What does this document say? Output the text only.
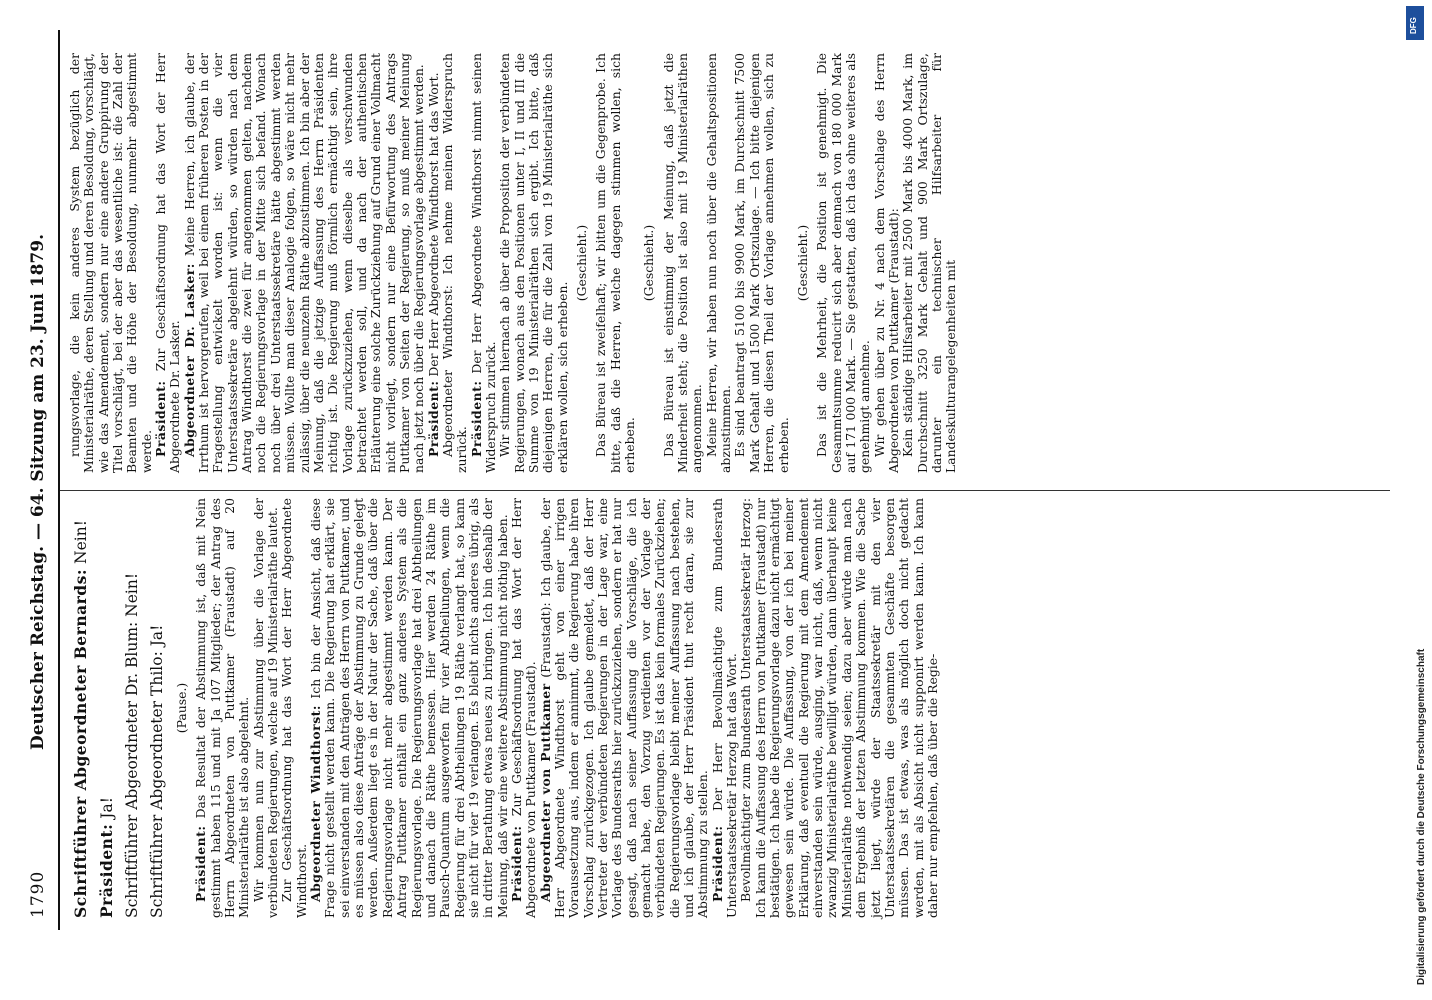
1790
Deutscher Reichstag. — 64. Sitzung am 23. Juni 1879. Schriftführer Abgeordneter Bernards: Nein!

Präsident: Ja! Schriftführer Abgeordneter Dr. Blum: Nein! Schriftführer Abgeordneter Thilo: Ja! (Pause.)

Präsident: Das Resultat der Abstimmung ist, daß mit Nein gestimmt haben 115 und mit Ja 107 Mitglieder; der Antrag des Herrn Abgeordneten von Puttkamer (Fraustadt) auf 20 Ministerialräthe ist also abgelehnt. Wir kommen nun zur Abstimmung über die Vorlage der verbündeten Regierungen, welche auf 19 Ministerialräthe lautet. Zur Geschäftsordnung hat das Wort der Herr Abgeordnete Windthorst. Abgeordneter Windthorst: Ich bin der Ansicht, daß diese Frage nicht gestellt werden kann. Die Regierung hat erklärt, sie sei einverstanden mit den Anträgen des Herrn von Puttkamer, und es müssen also diese Anträge der Abstimmung zu Grunde gelegt werden. Außerdem liegt es in der Natur der Sache, daß über die Regierungsvorlage nicht mehr abgestimmt werden kann. Der Antrag Puttkamer enthält ein ganz anderes System als die Regierungsvorlage. Die Regierungsvorlage hat drei Abtheilungen und danach die Räthe bemessen. Hier werden 24 Räthe im Pausch-Quantum ausgeworfen für vier Abtheilungen, wenn die Regierung für drei Abtheilungen 19 Räthe verlangt hat, so kann sie nicht für vier 19 verlangen. Es bleibt nichts anderes übrig, als in dritter Berathung etwas neues zu bringen. Ich bin deshalb der Meinung, daß wir eine weitere Abstimmung nicht nöthig haben. Präsident: Zur Geschäftsordnung hat das Wort der Herr Abgeordnete von Puttkamer (Fraustadt). Abgeordneter von Puttkamer (Fraustadt): Ich glaube, der Herr Abgeordnete Windthorst geht von einer irrigen Voraussetzung aus, indem er annimmt, die Regierung habe ihren Vorschlag zurückgezogen. Ich glaube gemeldet, daß der Herr Vertreter der verbündeten Regierungen in der Lage war, eine Vorlage des Bundesraths hier zurückzuziehen, sondern er hat nur gesagt, daß nach seiner Auffassung die Vorschläge, die ich gemacht habe, den Vorzug verdienten vor der Vorlage der verbündeten Regierungen. Es ist das kein formales Zurückziehen; die Regierungsvorlage bleibt meiner Auffassung nach bestehen, und ich glaube, der Herr Präsident thut recht daran, sie zur Abstimmung zu stellen. Präsident: Der Herr Bevollmächtigte zum Bundesrath Unterstaatssekretär Herzog hat das Wort. Bevollmächtigter zum Bundesrath Unterstaatssekretär Herzog: Ich kann die Auffassung des Herrn von Puttkamer (Fraustadt) nur bestätigen. Ich habe die Regierungsvorlage dazu nicht ermächtigt gewesen sein würde. Die Auffassung, von der ich bei meiner Erklärung, daß eventuell die Regierung mit dem Amendement einverstanden sein würde, ausging, war nicht, daß, wenn nicht zwanzig Ministerialräthe bewilligt würden, dann überhaupt keine Ministerialräthe nothwendig seien; dazu aber würde man nach dem Ergebniß der letzten Abstimmung kommen. Wie die Sache jetzt liegt, würde der Staatssekretär mit den vier Unterstaatssekretären die gesammten Geschäfte besorgen müssen. Das ist etwas, was als möglich doch nicht gedacht werden, mit als Absicht nicht supponirt werden kann. Ich kann daher nur empfehlen, daß über die Regie-

rungsvorlage, die kein anderes System bezüglich der Ministerialräthe, deren Stellung und deren Besoldung, vorschlägt, wie das Amendement, sondern nur eine andere Gruppirung der Titel vorschlägt, bei der aber das wesentliche ist: die Zahl der Beamten und die Höhe der Besoldung, nunmehr abgestimmt werde. Präsident: Zur Geschäftsordnung hat das Wort der Herr Abgeordnete Dr. Lasker. Abgeordneter Dr. Lasker: Meine Herren, ich glaube, der Irrthum ist hervorgerufen, weil bei einem früheren Posten in der Fragestellung entwickelt worden ist: wenn die vier Unterstaatssekretäre abgelehnt würden, so würden nach dem Antrag Windthorst die zwei für angenommen gelten, nachdem noch die Regierungsvorlage in der Mitte sich befand. Wonach noch über drei Unterstaatssekretäre hätte abgestimmt werden müssen. Wollte man dieser Analogie folgen, so wäre nicht mehr zulässig, über die neunzehn Räthe abzustimmen. Ich bin aber der Meinung, daß die jetzige Auffassung des Herrn Präsidenten richtig ist. Die Regierung muß förmlich ermächtigt sein, ihre Vorlage zurückzuziehen, wenn dieselbe als verschwunden betrachtet werden soll, und da nach der authentischen Erläuterung eine solche Zurückziehung auf Grund einer Vollmacht nicht vorliegt, sondern nur eine Befürwortung des Antrags Puttkamer von Seiten der Regierung, so muß meiner Meinung nach jetzt noch über die Regierungsvorlage abgestimmt werden. Präsident: Der Herr Abgeordnete Windthorst hat das Wort. Abgeordneter Windthorst: Ich nehme meinen Widerspruch zurück. Präsident: Der Herr Abgeordnete Windthorst nimmt seinen Widerspruch zurück. Wir stimmen hiernach ab über die Proposition der verbündeten Regierungen, wonach aus den Positionen unter I, II und III die Summe von 19 Ministerialräthen sich ergibt. Ich bitte, daß diejenigen Herren, die für die Zahl von 19 Ministerialräthe sich erklären wollen, sich erheben.

(Geschieht.) Das Büreau ist zweifelhaft; wir bitten um die Gegenprobe. Ich bitte, daß die Herren, welche dagegen stimmen wollen, sich erheben.

(Geschieht.) Das Büreau ist einstimmig der Meinung, daß jetzt die Minderheit steht; die Position ist also mit 19 Ministerialräthen angenommen. Meine Herren, wir haben nun noch über die Gehaltspositionen abzustimmen. Es sind beantragt 5100 bis 9900 Mark, im Durchschnitt 7500 Mark Gehalt und 1500 Mark Ortszulage. — Ich bitte diejenigen Herren, die diesen Theil der Vorlage annehmen wollen, sich zu erheben.

(Geschieht.) Das ist die Mehrheit, die Position ist genehmigt. Die Gesammtsumme reducirt sich aber demnach von 180 000 Mark auf 171 000 Mark. — Sie gestatten, daß ich das ohne weiteres als genehmigt annehme. Wir gehen über zu Nr. 4 nach dem Vorschlage des Herrn Abgeordneten von Puttkamer (Fraustadt): Kein ständige Hilfsarbeiter mit 2500 Mark bis 4000 Mark, im Durchschnitt 3250 Mark Gehalt und 900 Mark Ortszulage, darunter ein technischer Hilfsarbeiter für Landeskulturangelegenheiten mit

DFG
Digitalisierung gefördert durch die Deutsche Forschungsgemeinschaft
